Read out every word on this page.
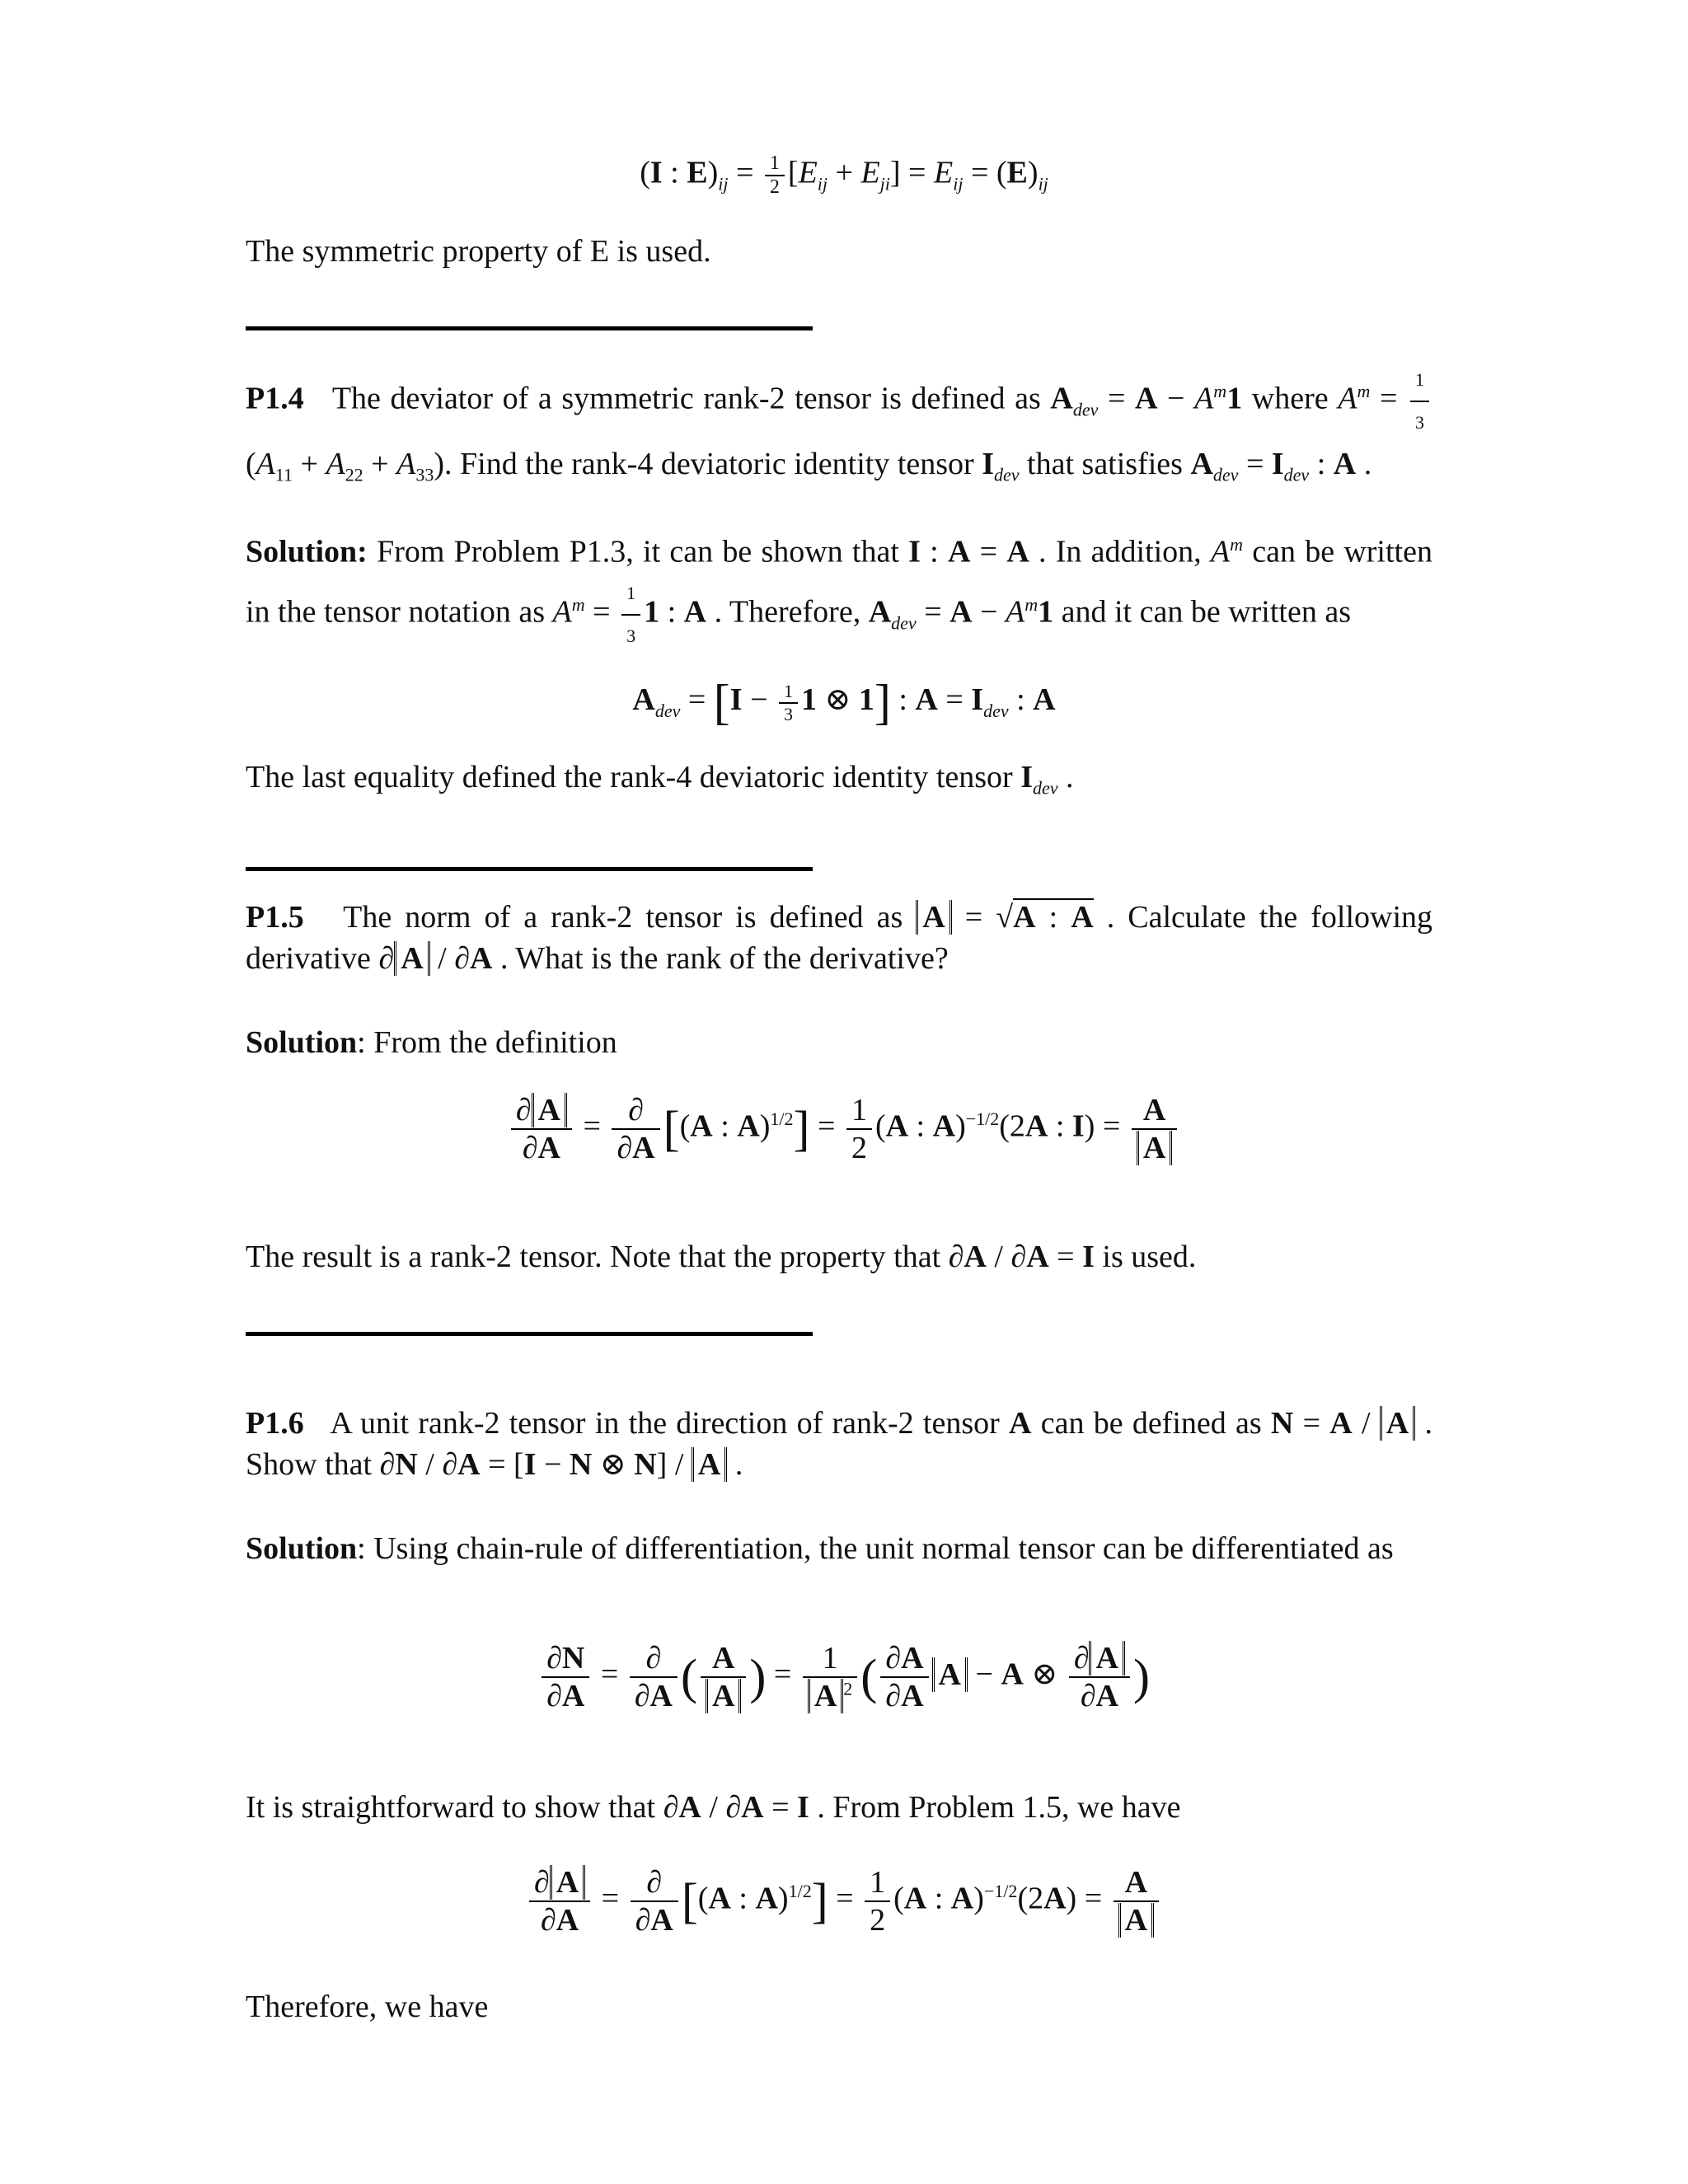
(I : $E)_{ij} = \frac{1}{2} [E_{ij} + E_{ji}] = E_{ij} = (E)_{ij}$

The symmetric property of E is used.

P1.4   The deviator of a symmetric rank-2 tensor is defined as $A_{dev} = A - A^m1$ where $A^m = \frac{1}{3}$
$(A_{11} + A_{22} + A_{33})$. Find the rank-4 deviatoric identity tensor $I_{dev}$ that satisfies $A_{dev} = I_{dev}$ : A .

Solution: From Problem P1.3, it can be shown that I : A = A . In addition, $A^m$ can be written in the tensor notation as $A^m = \frac{1}{3} 1$ : A . Therefore, $A_{dev} = A - A^m1$ and it can be written as

$A_{dev} = [I - \frac{1}{3} 1$ ⊗ 1] : $A = I_{dev}$ : A

The last equality defined the rank-4 deviatoric identity tensor $I_{dev}$ .

P1.5   The norm of a rank-2 tensor is defined as A = √A : A . Calculate the following derivative ∂ A / ∂A . What is the rank of the derivative?

Solution: From the definition

$\frac{\partial A}{\partial A} = \frac{\partial}{\partial A} [(A$ : $A)^{1/2}] = \frac{1}{2} (A$ : A)$^{-1/2}$(2A : $I) = \frac{A}{A}$

The result is a rank-2 tensor. Note that the property that ∂A / ∂A = I is used.

P1.6   A unit rank-2 tensor in the direction of rank-2 tensor A can be defined as N = A / A . Show that ∂N / ∂A = [I − N ⊗ N] / A .

Solution: Using chain-rule of differentiation, the unit normal tensor can be differentiated as

$\frac{\partial N}{\partial A} = \frac{\partial}{\partial A}$ ( $\frac{A}{A}$ ) = $\frac{1}{A ^2}$ ( $\frac{\partial A}{\partial A}$ A − A ⊗ $\frac{\partial A}{\partial A}$ )

It is straightforward to show that ∂A / ∂A = I . From Problem 1.5, we have

$\frac{\partial A}{\partial A} = \frac{\partial}{\partial A} [(A$ : $A)^{1/2}] = \frac{1}{2} (A$ : $A)^{-1/2}(2A) = \frac{A}{A}$

Therefore, we have
